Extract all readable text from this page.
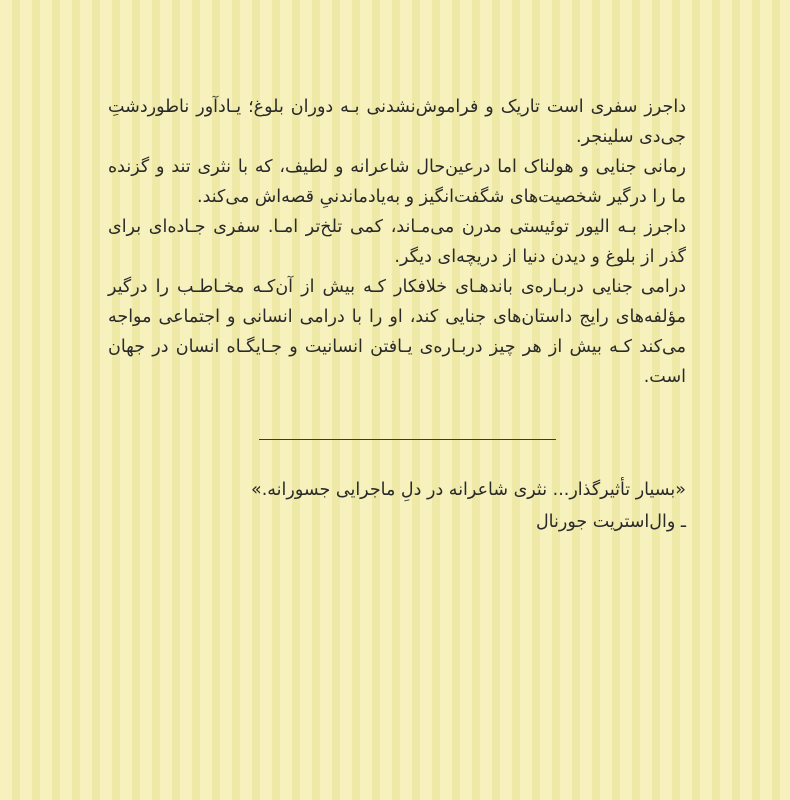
داجرز سفری است تاریک و فراموش‌نشدنی بـه دوران بلوغ؛ یـادآور ناطوردشتِ جی‌دی سلینجر.

رمانی جنایی و هولناک اما درعین‌حال شاعرانه و لطیف، که با نثری تند و گزنده ما را درگیر شخصیت‌های شگفت‌انگیز و به‌یادماندنیِ قصه‌اش می‌کند.

داجرز بـه الیور توئیستی مدرن می‌مـاند، کمی تلخ‌تر امـا. سفری جـاده‌ای برای گذر از بلوغ و دیدن دنیا از دریچه‌ای دیگر.

درامی جنایی دربـاره‌ی باندهـای خلافکار کـه بیش از آن‌کـه مخـاطـب را درگیر مؤلفه‌های رایج داستان‌های جنایی کند، او را با درامی انسانی و اجتماعی مواجه می‌کند کـه بیش از هر چیز دربـاره‌ی یـافتن انسانیت و جـایگـاه انسان در جهان است.

«بسیار تأثیرگذار... نثری شاعرانه در دلِ ماجرایی جسورانه.»

ـ وال‌استریت جورنال
